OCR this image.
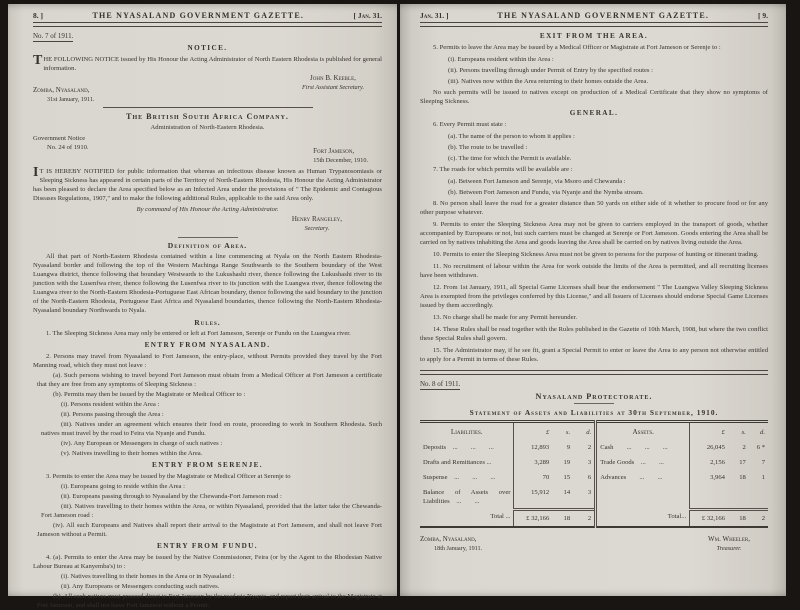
8. ]	THE NYASALAND GOVERNMENT GAZETTE.	[ Jan. 31.
No. 7 of 1911.
NOTICE.

THE FOLLOWING NOTICE issued by His Honour the Acting Administrator of North Eastern Rhodesia is published for general information.

John B. Keeble,
First Assistant Secretary.
Zomba, Nyasaland,
31st January, 1911.
The British South Africa Company.
Administration of North-Eastern Rhodesia.
Government Notice
No. 24 of 1910.	Fort Jameson,
15th December, 1910.

I T IS HEREBY NOTIFIED for public information that whereas an infectious disease known as Human Trypanosomiasis or Sleeping Sickness has appeared in certain parts of the Territory of North-Eastern Rhodesia, His Honour the Acting Administrator has been pleased to declare the Area specified below as an Infected Area under the provisions of " The Epidemic and Contagious Diseases Regulations, 1907," and to make the following additional Rules, applicable to the said Area only.

By command of His Honour the Acting Administrator.

Henry Rangeley,
Secretary.
Definition of Area.

All that part of North-Eastern Rhodesia contained within a line commencing at Nyala on the North Eastern Rhodesia-Nyasaland border and following the top of the Western Machinga Range Southwards to the Southern boundary of the West Luangwa district, thence following that boundary Westwards to the Lukushashi river, thence following the Lukushashi river to its junction with the Lusenfwa river, thence following the Lusenfwa river to its junction with the Luangwa river, thence following the Luangwa river to the North-Eastern Rhodesia-Portuguese East African boundary, thence following the said boundary to the junction of the North-Eastern Rhodesia, Portuguese East Africa and Nyasaland boundaries, thence following the North-Eastern Rhodesia-Nyasaland boundary Northwards to Nyala.

Rules.

1. The Sleeping Sickness Area may only be entered or left at Fort Jameson, Serenje or Fundu on the Luangwa river.

ENTRY FROM NYASALAND.

2. Persons may travel from Nyasaland to Fort Jameson, the entry-place, without Permits provided they travel by the Fort Manning road, which they must not leave :

(a). Such persons wishing to travel beyond Fort Jameson must obtain from a Medical Officer at Fort Jameson a certificate that they are free from any symptoms of Sleeping Sickness :

(b). Permits may then be issued by the Magistrate or Medical Officer to :

(i). Persons resident within the Area :

(ii). Persons passing through the Area :

(iii). Natives under an agreement which ensures their food en route, proceeding to work in Southern Rhodesia. Such natives must travel by the road to Feira via Nyanje and Fundu.

(iv). Any European or Messengers in charge of such natives :

(v). Natives travelling to their homes within the Area.

ENTRY FROM SERENJE.

3. Permits to enter the Area may be issued by the Magistrate or Medical Officer at Serenje to

(i). Europeans going to reside within the Area :

(ii). Europeans passing through to Nyasaland by the Chewanda-Fort Jameson road :

(iii). Natives travelling to their homes within the Area, or within Nyasaland, provided that the latter take the Chewanda-Fort Jameson road :

(iv). All such Europeans and Natives shall report their arrival to the Magistrate at Fort Jameson, and shall not leave Fort Jameson without a Permit.

ENTRY FROM FUNDU.

4. (a). Permits to enter the Area may be issued by the Native Commissioner, Feira (or by the Agent to the Rhodesian Native Labour Bureau at Kanyemba's) to :

(i). Natives travelling to their homes in the Area or in Nyasaland :

(ii). Any Europeans or Messengers conducting such natives.

(b). All such natives must proceed direct to Fort Jameson by the road via Nyanje, and report their arrival to the Magistrate at Fort Jameson, and shall not leave Fort Jameson without a Permit.

Jan. 31. ]	THE NYASALAND GOVERNMENT GAZETTE.	[ 9.
EXIT FROM THE AREA.

5. Permits to leave the Area may be issued by a Medical Officer or Magistrate at Fort Jameson or Serenje to :

(i). Europeans resident within the Area :

(ii). Persons travelling through under Permit of Entry by the specified routes :

(iii). Natives now within the Area returning to their homes outside the Area.

No such permits will be issued to natives except on production of a Medical Certificate that they show no symptoms of Sleeping Sickness.

GENERAL.

6. Every Permit must state :

(a). The name of the person to whom it applies :

(b). The route to be travelled :

(c). The time for which the Permit is available.

7. The roads for which permits will be available are :

(a). Between Fort Jameson and Serenje, via Msoro and Chewanda :

(b). Between Fort Jameson and Fundu, via Nyanje and the Nymba stream.

8. No person shall leave the road for a greater distance than 50 yards on either side of it whether to procure food or for any other purpose whatever.

9. Permits to enter the Sleeping Sickness Area may not be given to carriers employed in the transport of goods, whether accompanied by Europeans or not, but such carriers must be changed at Serenje or Fort Jameson. Goods entering the Area shall be carried on by natives inhabiting the Area and goods leaving the Area shall be carried on by natives living outside the Area.

10. Permits to enter the Sleeping Sickness Area must not be given to persons for the purpose of hunting or itinerant trading.

11. No recruitment of labour within the Area for work outside the limits of the Area is permitted, and all recruiting licenses have been withdrawn.

12. From 1st January, 1911, all Special Game Licenses shall bear the endorsement " The Luangwa Valley Sleeping Sickness Area is exempted from the privileges conferred by this License," and all Issuers of Licenses should endorse Special Game Licenses issued by them accordingly.

13. No charge shall be made for any Permit hereunder.

14. These Rules shall be read together with the Rules published in the Gazette of 10th March, 1908, but where the two conflict these Special Rules shall govern.

15. The Administrator may, if he see fit, grant a Special Permit to enter or leave the Area to any person not otherwise entitled to apply for a Permit in terms of these Rules.

No. 8 of 1911.
Nyasaland Protectorate.
Statement of Assets and Liabilities at 30th September, 1910.
Liabilities.	£	s.	d.	Assets.	£	s.	d.
Deposits　...　　...　　...	12,893	9	2	Cash　　...　　...　　...	26,045	2	6 *
Drafts and Remittances ...	3,289	19	3	Trade Goods　...　　...	2,156	17	7
Suspense　...　　...　　...	70	15	6	Advances　　...　　...	3,964	18	1
Balance of Assets over Liabilities　...　　...	15,912	14	3				
Total ...	£ 32,166	18	2	Total...	£ 32,166	18	2
Zomba, Nyasaland,
18th January, 1911.
Wm. Wheeler,
Treasurer.
